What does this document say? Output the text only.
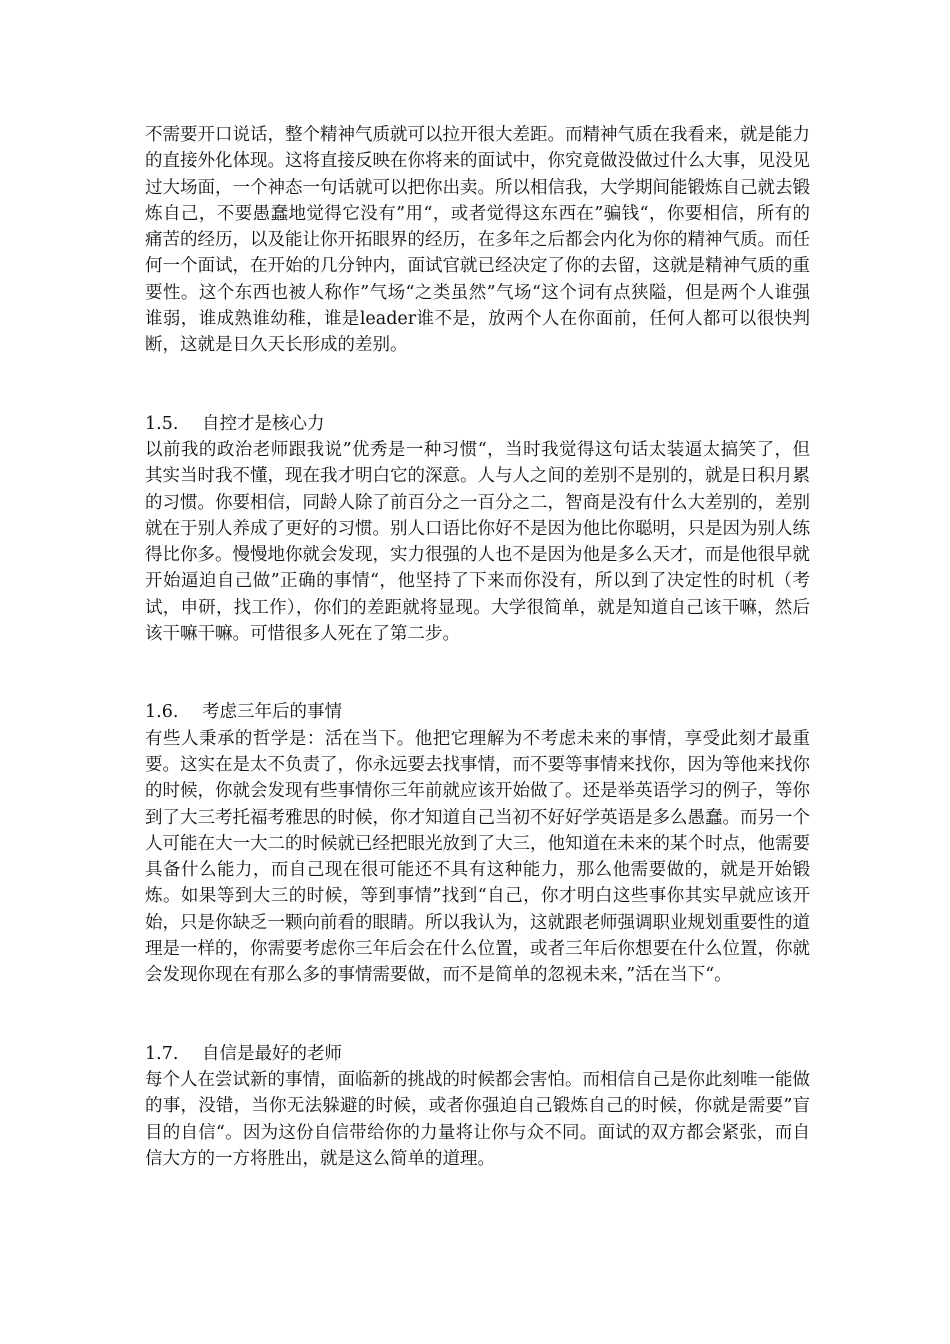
不需要开口说话，整个精神气质就可以拉开很大差距。而精神气质在我看来，就是能力的直接外化体现。这将直接反映在你将来的面试中，你究竟做没做过什么大事，见没见过大场面，一个神态一句话就可以把你出卖。所以相信我，大学期间能锻炼自己就去锻炼自己，不要愚蠢地觉得它没有”用“，或者觉得这东西在”骗钱“，你要相信，所有的痛苦的经历，以及能让你开拓眼界的经历，在多年之后都会内化为你的精神气质。而任何一个面试，在开始的几分钟内，面试官就已经决定了你的去留，这就是精神气质的重要性。这个东西也被人称作”气场“之类虽然”气场“这个词有点狭隘，但是两个人谁强谁弱，谁成熟谁幼稚，谁是leader谁不是，放两个人在你面前，任何人都可以很快判断，这就是日久天长形成的差别。

1.5. 自控才是核心力

以前我的政治老师跟我说”优秀是一种习惯“，当时我觉得这句话太装逼太搞笑了，但其实当时我不懂，现在我才明白它的深意。人与人之间的差别不是别的，就是日积月累的习惯。你要相信，同龄人除了前百分之一百分之二，智商是没有什么大差别的，差别就在于别人养成了更好的习惯。别人口语比你好不是因为他比你聪明，只是因为别人练得比你多。慢慢地你就会发现，实力很强的人也不是因为他是多么天才，而是他很早就开始逼迫自己做”正确的事情“，他坚持了下来而你没有，所以到了决定性的时机（考试，申研，找工作），你们的差距就将显现。大学很简单，就是知道自己该干嘛，然后该干嘛干嘛。可惜很多人死在了第二步。

1.6. 考虑三年后的事情

有些人秉承的哲学是：活在当下。他把它理解为不考虑未来的事情，享受此刻才最重要。这实在是太不负责了，你永远要去找事情，而不要等事情来找你，因为等他来找你的时候，你就会发现有些事情你三年前就应该开始做了。还是举英语学习的例子，等你到了大三考托福考雅思的时候，你才知道自己当初不好好学英语是多么愚蠢。而另一个人可能在大一大二的时候就已经把眼光放到了大三，他知道在未来的某个时点，他需要具备什么能力，而自己现在很可能还不具有这种能力，那么他需要做的，就是开始锻炼。如果等到大三的时候，等到事情”找到“自己，你才明白这些事你其实早就应该开始，只是你缺乏一颗向前看的眼睛。所以我认为，这就跟老师强调职业规划重要性的道理是一样的，你需要考虑你三年后会在什么位置，或者三年后你想要在什么位置，你就会发现你现在有那么多的事情需要做，而不是简单的忽视未来，”活在当下“。

1.7. 自信是最好的老师

每个人在尝试新的事情，面临新的挑战的时候都会害怕。而相信自己是你此刻唯一能做的事，没错，当你无法躲避的时候，或者你强迫自己锻炼自己的时候，你就是需要”盲目的自信“。因为这份自信带给你的力量将让你与众不同。面试的双方都会紧张，而自信大方的一方将胜出，就是这么简单的道理。
